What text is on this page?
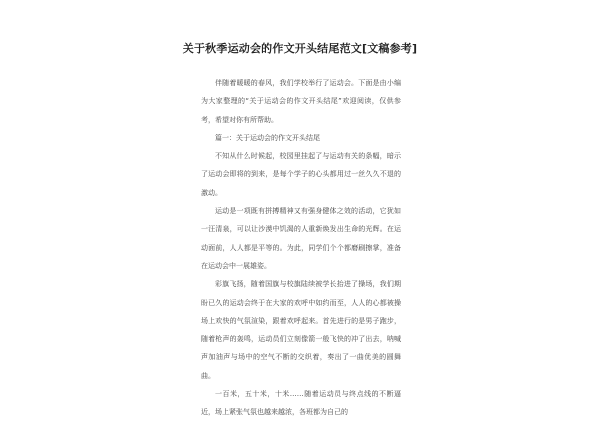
关于秋季运动会的作文开头结尾范文[文稿参考]

伴随着暖暖的春风，我们学校举行了运动会。下面是由小编为大家整理的“关于运动会的作文开头结尾”欢迎阅读，仅供参考，希望对你有所帮助。

篇一：关于运动会的作文开头结尾

不知从什么时候起，校园里挂起了与运动有关的条幅，暗示了运动会即将的到来，是每个学子的心头都用过一丝久久不退的激动。

运动是一项既有拼搏精神又有强身健体之效的活动，它犹如一汪清泉，可以让沙漠中饥渴的人重新焕发出生命的光辉。在运动面前，人人都是平等的。为此，同学们个个都磨刷擦掌，准备在运动会中一展雄姿。

彩旗飞扬，随着国旗与校旗陆续被学长抬进了操场，我们期盼已久的运动会终于在大家的欢呼中如约而至，人人的心都被操场上欢快的气氛渲染，跟着欢呼起来。首先进行的是男子跑步，随着枪声的轰鸣，运动员们立刻像箭一般飞快的冲了出去，呐喊声加油声与场中的空气不断的交织着，奏出了一曲优美的圆舞曲。

一百米，五十米，十米……随着运动员与终点线的不断逼近，场上紧张气氛也越来越浓，各班都为自己的
